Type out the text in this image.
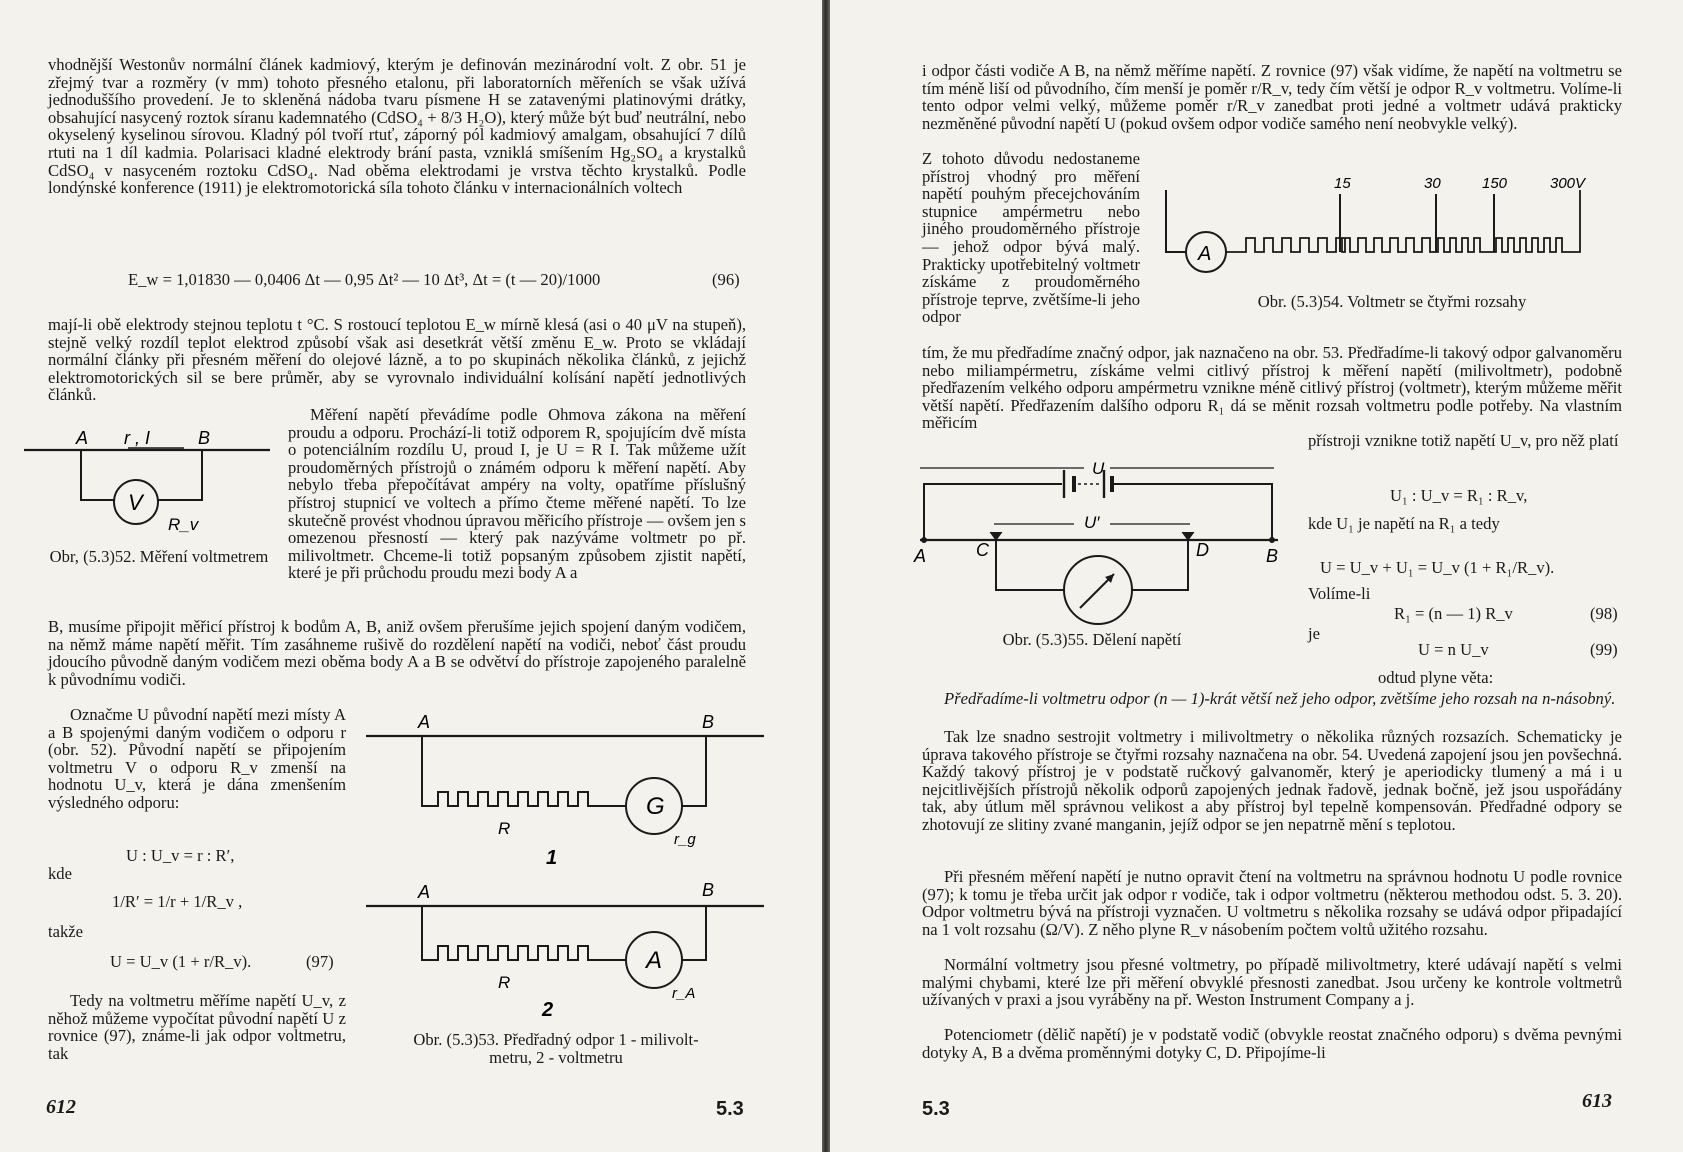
vhodnější Westonův normální článek kadmiový, kterým je definován mezinárodní volt. Z obr. 51 je zřejmý tvar a rozměry (v mm) tohoto přesného etalonu, při laboratorních měřeních se však užívá jednoduššího provedení. Je to skleněná nádoba tvaru písmene H se zatavenými platinovými drátky, obsahující nasycený roztok síranu kademnatého (CdSO₄ + 8/3 H₂O), který může být buď neutrální, nebo okyselený kyselinou sírovou. Kladný pól tvoří rtuť, záporný pól kadmiový amalgam, obsahující 7 dílů rtuti na 1 díl kadmia. Polarisaci kladné elektrody brání pasta, vzniklá smíšením Hg₂SO₄ a krystalků CdSO₄ v nasyceném roztoku CdSO₄. Nad oběma elektrodami je vrstva těchto krystalků. Podle londýnské konference (1911) je elektromotorická síla tohoto článku v internacionálních voltech

E_w = 1,01830 — 0,0406 Δt — 0,95 Δt² — 10 Δt³, Δt = (t — 20)/1000	(96)

mají-li obě elektrody stejnou teplotu t °C. S rostoucí teplotou E_w mírně klesá (asi o 40 μV na stupeň), stejně velký rozdíl teplot elektrod způsobí však asi desetkrát větší změnu E_w. Proto se vkládají normální články při přesném měření do olejové lázně, a to po skupinách několika článků, z jejichž elektromotorických sil se bere průměr, aby se vyrovnalo individuální kolísání napětí jednotlivých článků.

A r , I	B
V
R_v
Obr, (5.3)52. Měření voltmetrem

Měření napětí převádíme podle Ohmova zákona na měření proudu a odporu. Prochází-li totiž odporem R, spojujícím dvě místa o potenciálním rozdílu U, proud I, je U = R I. Tak můžeme užít proudoměrných přístrojů o známém odporu k měření napětí. Aby nebylo třeba přepočítávat ampéry na volty, opatříme příslušný přístroj stupnicí ve voltech a přímo čteme měřené napětí. To lze skutečně provést vhodnou úpravou měřicího přístroje — ovšem jen s omezenou přesností — který pak nazýváme voltmetr po př. milivoltmetr. Chceme-li totiž popsaným způsobem zjistit napětí, které je při průchodu proudu mezi body A a

B, musíme připojit měřicí přístroj k bodům A, B, aniž ovšem přerušíme jejich spojení daným vodičem, na němž máme napětí měřit. Tím zasáhneme rušivě do rozdělení napětí na vodiči, neboť část proudu jdoucího původně daným vodičem mezi oběma body A a B se odvětví do přístroje zapojeného paralelně k původnímu vodiči.

Označme U původní napětí mezi místy A a B spojenými daným vodičem o odporu r (obr. 52). Původní napětí se připojením voltmetru V o odporu R_v zmenší na hodnotu U_v, která je dána zmenšením výsledného odporu:

U : U_v = r : R′,
kde
1/R′ = 1/r + 1/R_v ,
takže
U = U_v (1 + r/R_v).	(97)

Tedy na voltmetru měříme napětí U_v, z něhož můžeme vypočítat původní napětí U z rovnice (97), známe-li jak odpor voltmetru, tak

A	B
G
R
r_g
1
A	B
A
R
r_A
2
Obr. (5.3)53. Předřadný odpor 1 - milivolt-
metru, 2 - voltmetru
612	5.3

i odpor části vodiče A B, na němž měříme napětí. Z rovnice (97) však vidíme, že napětí na voltmetru se tím méně liší od původního, čím menší je poměr r/R_v, tedy čím větší je odpor R_v voltmetru. Volíme-li tento odpor velmi velký, můžeme poměr r/R_v zanedbat proti jedné a voltmetr udává prakticky nezměněné původní napětí U (pokud ovšem odpor vodiče samého není neobvykle velký).

Z tohoto důvodu nedostaneme přístroj vhodný pro měření napětí pouhým přecejchováním stupnice ampérmetru nebo jiného proudoměrného přístroje — jehož odpor bývá malý. Prakticky upotřebitelný voltmetr získáme z proudoměrného přístroje teprve, zvětšíme-li jeho odpor

15	30	150	300V
A
Obr. (5.3)54. Voltmetr se čtyřmi rozsahy

tím, že mu předřadíme značný odpor, jak naznačeno na obr. 53. Předřadíme-li takový odpor galvanoměru nebo miliampérmetru, získáme velmi citlivý přístroj k měření napětí (milivoltmetr), podobně předřazením velkého odporu ampérmetru vznikne méně citlivý přístroj (voltmetr), kterým můžeme měřit větší napětí. Předřazením dalšího odporu R₁ dá se měnit rozsah voltmetru podle potřeby. Na vlastním měřicím

přístroji vznikne totiž napětí U_v, pro něž platí

U
U′
A	C	D	B
Obr. (5.3)55. Dělení napětí
U₁ : U_v = R₁ : R_v,
kde U₁ je napětí na R₁ a tedy
U = U_v + U₁ = U_v (1 + R₁/R_v).
Volíme-li
R₁ = (n — 1) R_v	(98)
je
U = n U_v	(99)
odtud plyne věta:

Předřadíme-li voltmetru odpor (n — 1)-krát větší než jeho odpor, zvětšíme jeho rozsah na n-násobný.

Tak lze snadno sestrojit voltmetry i milivoltmetry o několika různých rozsazích. Schematicky je úprava takového přístroje se čtyřmi rozsahy naznačena na obr. 54. Uvedená zapojení jsou jen povšechná. Každý takový přístroj je v podstatě ručkový galvanoměr, který je aperiodicky tlumený a má i u nejcitlivějších přístrojů několik odporů zapojených jednak řadově, jednak bočně, jež jsou uspořádány tak, aby útlum měl správnou velikost a aby přístroj byl tepelně kompensován. Předřadné odpory se zhotovují ze slitiny zvané manganin, jejíž odpor se jen nepatrně mění s teplotou.

Při přesném měření napětí je nutno opravit čtení na voltmetru na správnou hodnotu U podle rovnice (97); k tomu je třeba určit jak odpor r vodiče, tak i odpor voltmetru (některou methodou odst. 5. 3. 20). Odpor voltmetru bývá na přístroji vyznačen. U voltmetru s několika rozsahy se udává odpor připadající na 1 volt rozsahu (Ω/V). Z něho plyne R_v násobením počtem voltů užitého rozsahu.

Normální voltmetry jsou přesné voltmetry, po případě milivoltmetry, které udávají napětí s velmi malými chybami, které lze při měření obvyklé přesnosti zanedbat. Jsou určeny ke kontrole voltmetrů užívaných v praxi a jsou vyráběny na př. Weston Instrument Company a j.

Potenciometr (dělič napětí) je v podstatě vodič (obvykle reostat značného odporu) s dvěma pevnými dotyky A, B a dvěma proměnnými dotyky C, D. Připojíme-li

5.3	613
